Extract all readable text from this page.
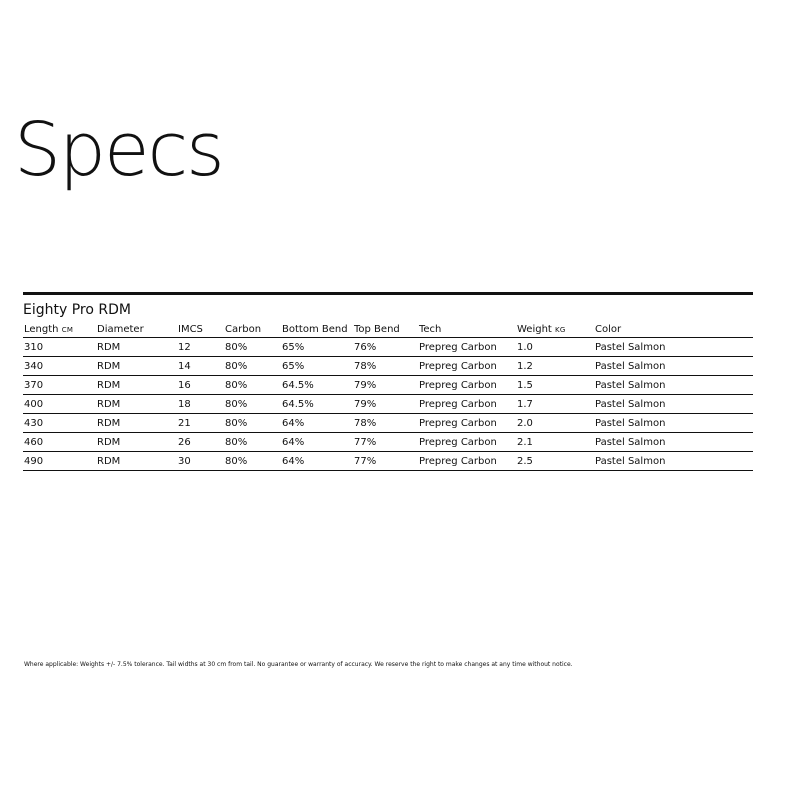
Specs
Eighty Pro RDM
Length CM	Diameter	IMCS	Carbon	Bottom Bend	Top Bend	Tech	Weight KG	Color
310	RDM	12	80%	65%	76%	Prepreg Carbon	1.0	Pastel Salmon
340	RDM	14	80%	65%	78%	Prepreg Carbon	1.2	Pastel Salmon
370	RDM	16	80%	64.5%	79%	Prepreg Carbon	1.5	Pastel Salmon
400	RDM	18	80%	64.5%	79%	Prepreg Carbon	1.7	Pastel Salmon
430	RDM	21	80%	64%	78%	Prepreg Carbon	2.0	Pastel Salmon
460	RDM	26	80%	64%	77%	Prepreg Carbon	2.1	Pastel Salmon
490	RDM	30	80%	64%	77%	Prepreg Carbon	2.5	Pastel Salmon

Where applicable: Weights +/- 7.5% tolerance. Tail widths at 30 cm from tail. No guarantee or warranty of accuracy. We reserve the right to make changes at any time without notice.
